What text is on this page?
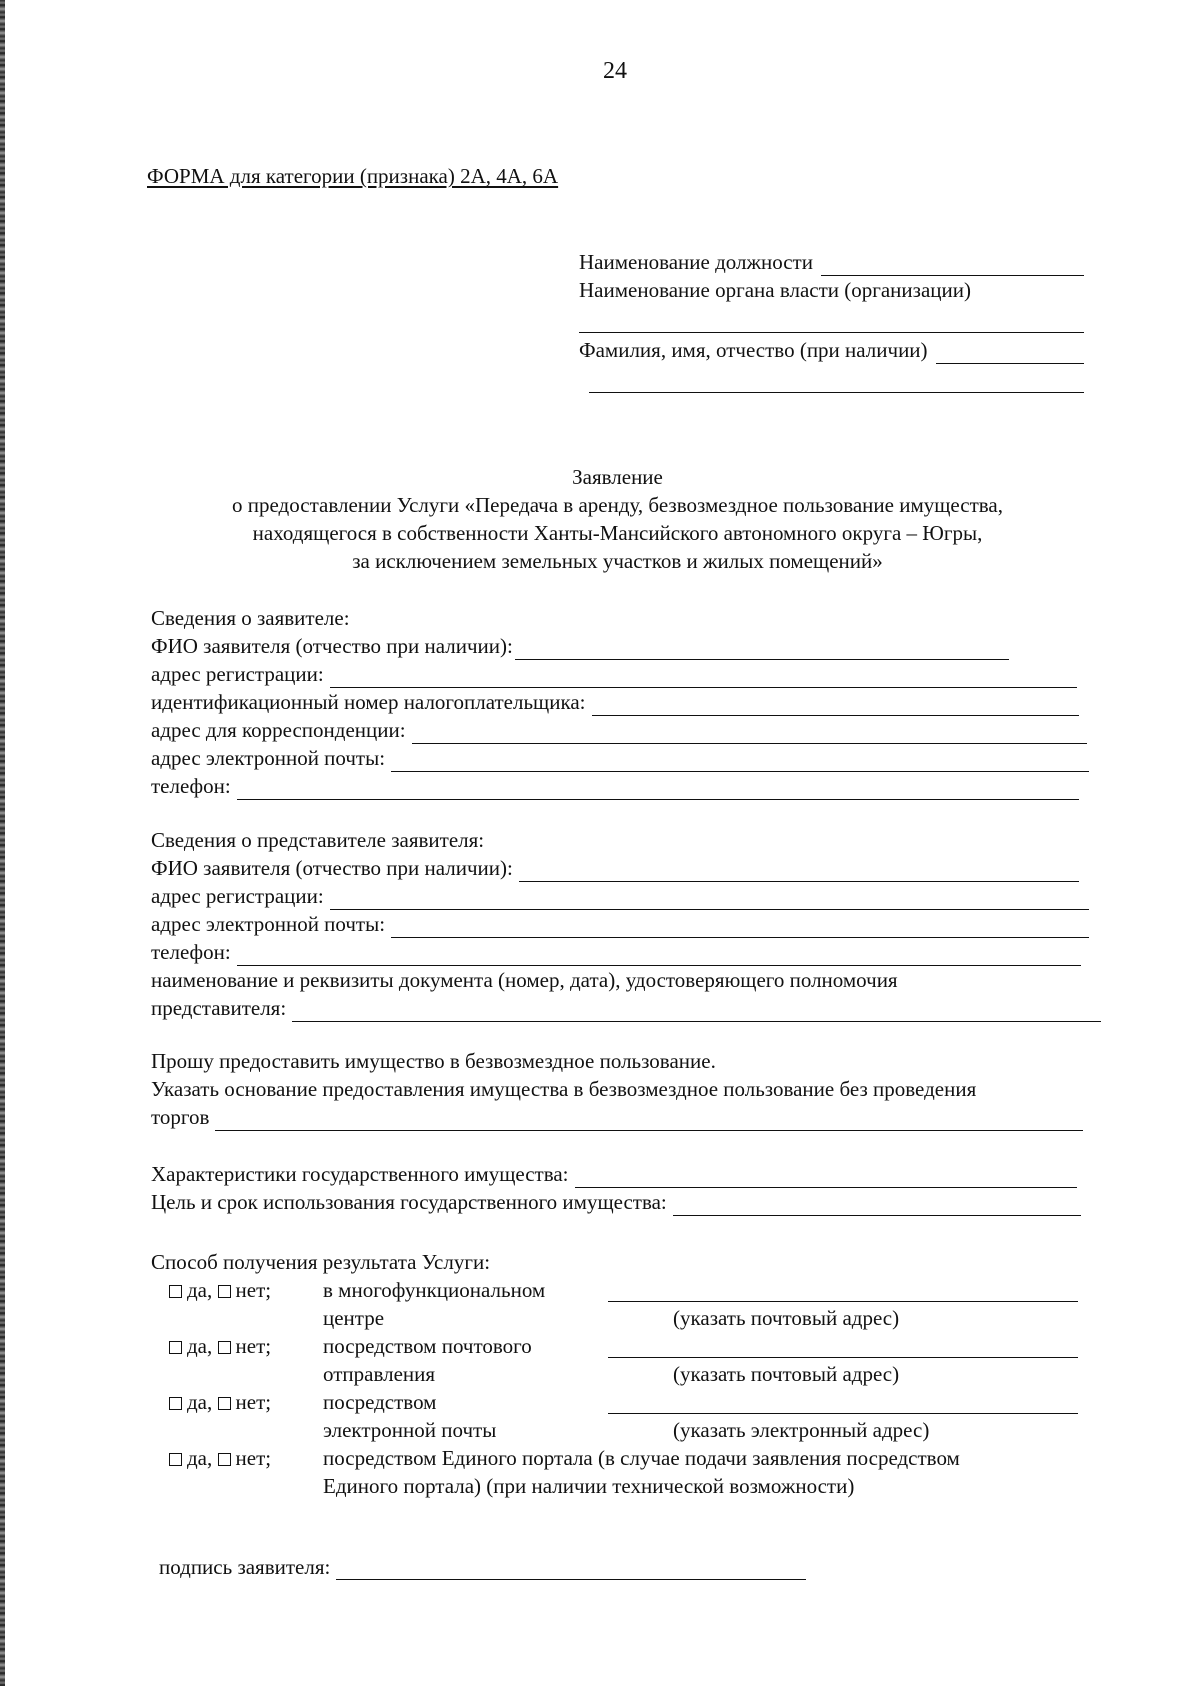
24
ФОРМА для категории (признака) 2А, 4А, 6А
Наименование должности
Наименование органа власти (организации)
Фамилия, имя, отчество (при наличии)
Заявление
о предоставлении Услуги «Передача в аренду, безвозмездное пользование имущества,
находящегося в собственности Ханты-Мансийского автономного округа – Югры,
за исключением земельных участков и жилых помещений»
Сведения о заявителе:
ФИО заявителя (отчество при наличии):
адрес регистрации:
идентификационный номер налогоплательщика:
адрес для корреспонденции:
адрес электронной почты:
телефон:
Сведения о представителе заявителя:
ФИО заявителя (отчество при наличии):
адрес регистрации:
адрес электронной почты:
телефон:
наименование и реквизиты документа (номер, дата), удостоверяющего полномочия
представителя:
Прошу предоставить имущество в безвозмездное пользование.
Указать основание предоставления имущества в безвозмездное пользование без проведения
торгов
Характеристики государственного имущества:
Цель и срок использования государственного имущества:
Способ получения результата Услуги:
да, нет; в многофункциональном
центре	(указать почтовый адрес)
да, нет; посредством почтового
отправления	(указать почтовый адрес)
да, нет; посредством
электронной почты	(указать электронный адрес)
да, нет; посредством Единого портала (в случае подачи заявления посредством
Единого портала) (при наличии технической возможности)
подпись заявителя:
